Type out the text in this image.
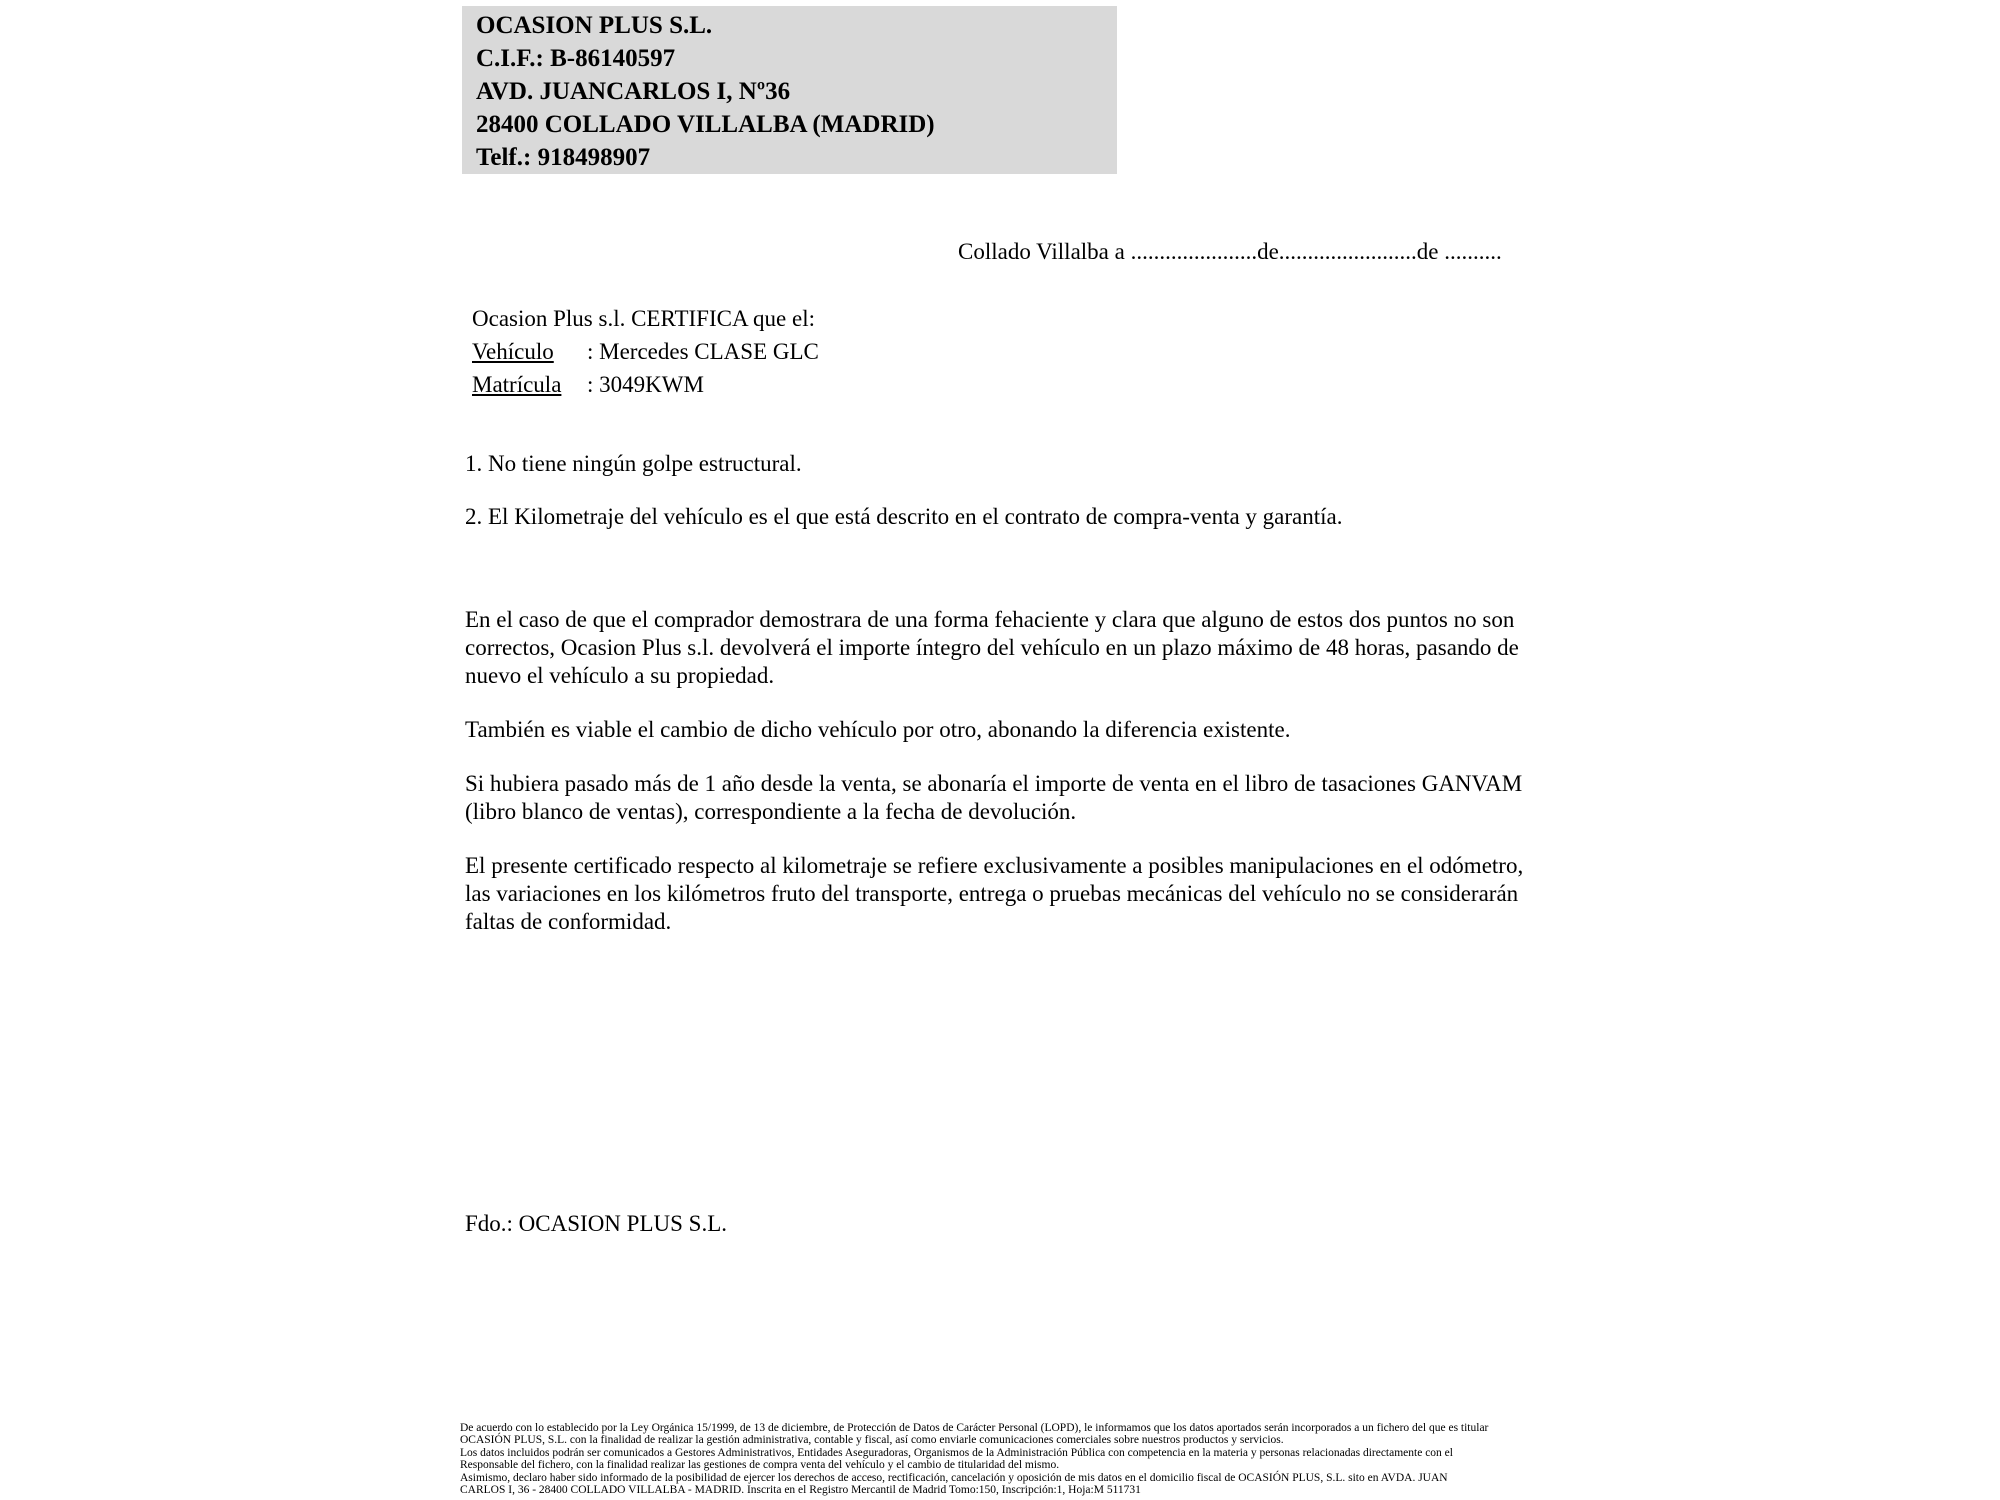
OCASION PLUS S.L.
C.I.F.: B-86140597
AVD. JUANCARLOS I, Nº36
28400 COLLADO VILLALBA (MADRID)
Telf.: 918498907
Collado Villalba a ......................de........................de ..........
Ocasion Plus s.l. CERTIFICA que el:
Vehículo	: Mercedes CLASE GLC
Matrícula	: 3049KWM
1. No tiene ningún golpe estructural.
2. El Kilometraje del vehículo es el que está descrito en el contrato de compra-venta y garantía.

En el caso de que el comprador demostrara de una forma fehaciente y clara que alguno de estos dos puntos no son correctos, Ocasion Plus s.l. devolverá el importe íntegro del vehículo en un plazo máximo de 48 horas, pasando de nuevo el vehículo a su propiedad.

También es viable el cambio de dicho vehículo por otro, abonando la diferencia existente.

Si hubiera pasado más de 1 año desde la venta, se abonaría el importe de venta en el libro de tasaciones GANVAM (libro blanco de ventas), correspondiente a la fecha de devolución.

El presente certificado respecto al kilometraje se refiere exclusivamente a posibles manipulaciones en el odómetro, las variaciones en los kilómetros fruto del transporte, entrega o pruebas mecánicas del vehículo no se considerarán faltas de conformidad.

Fdo.: OCASION PLUS S.L.
De acuerdo con lo establecido por la Ley Orgánica 15/1999, de 13 de diciembre, de Protección de Datos de Carácter Personal (LOPD), le informamos que los datos aportados serán incorporados a un fichero del que es titular
OCASIÓN PLUS, S.L. con la finalidad de realizar la gestión administrativa, contable y fiscal, así como enviarle comunicaciones comerciales sobre nuestros productos y servicios.
Los datos incluidos podrán ser comunicados a Gestores Administrativos, Entidades Aseguradoras, Organismos de la Administración Pública con competencia en la materia y personas relacionadas directamente con el
Responsable del fichero, con la finalidad realizar las gestiones de compra venta del vehículo y el cambio de titularidad del mismo.
Asimismo, declaro haber sido informado de la posibilidad de ejercer los derechos de acceso, rectificación, cancelación y oposición de mis datos en el domicilio fiscal de OCASIÓN PLUS, S.L. sito en AVDA. JUAN
CARLOS I, 36 - 28400 COLLADO VILLALBA - MADRID. Inscrita en el Registro Mercantil de Madrid Tomo:150, Inscripción:1, Hoja:M 511731
